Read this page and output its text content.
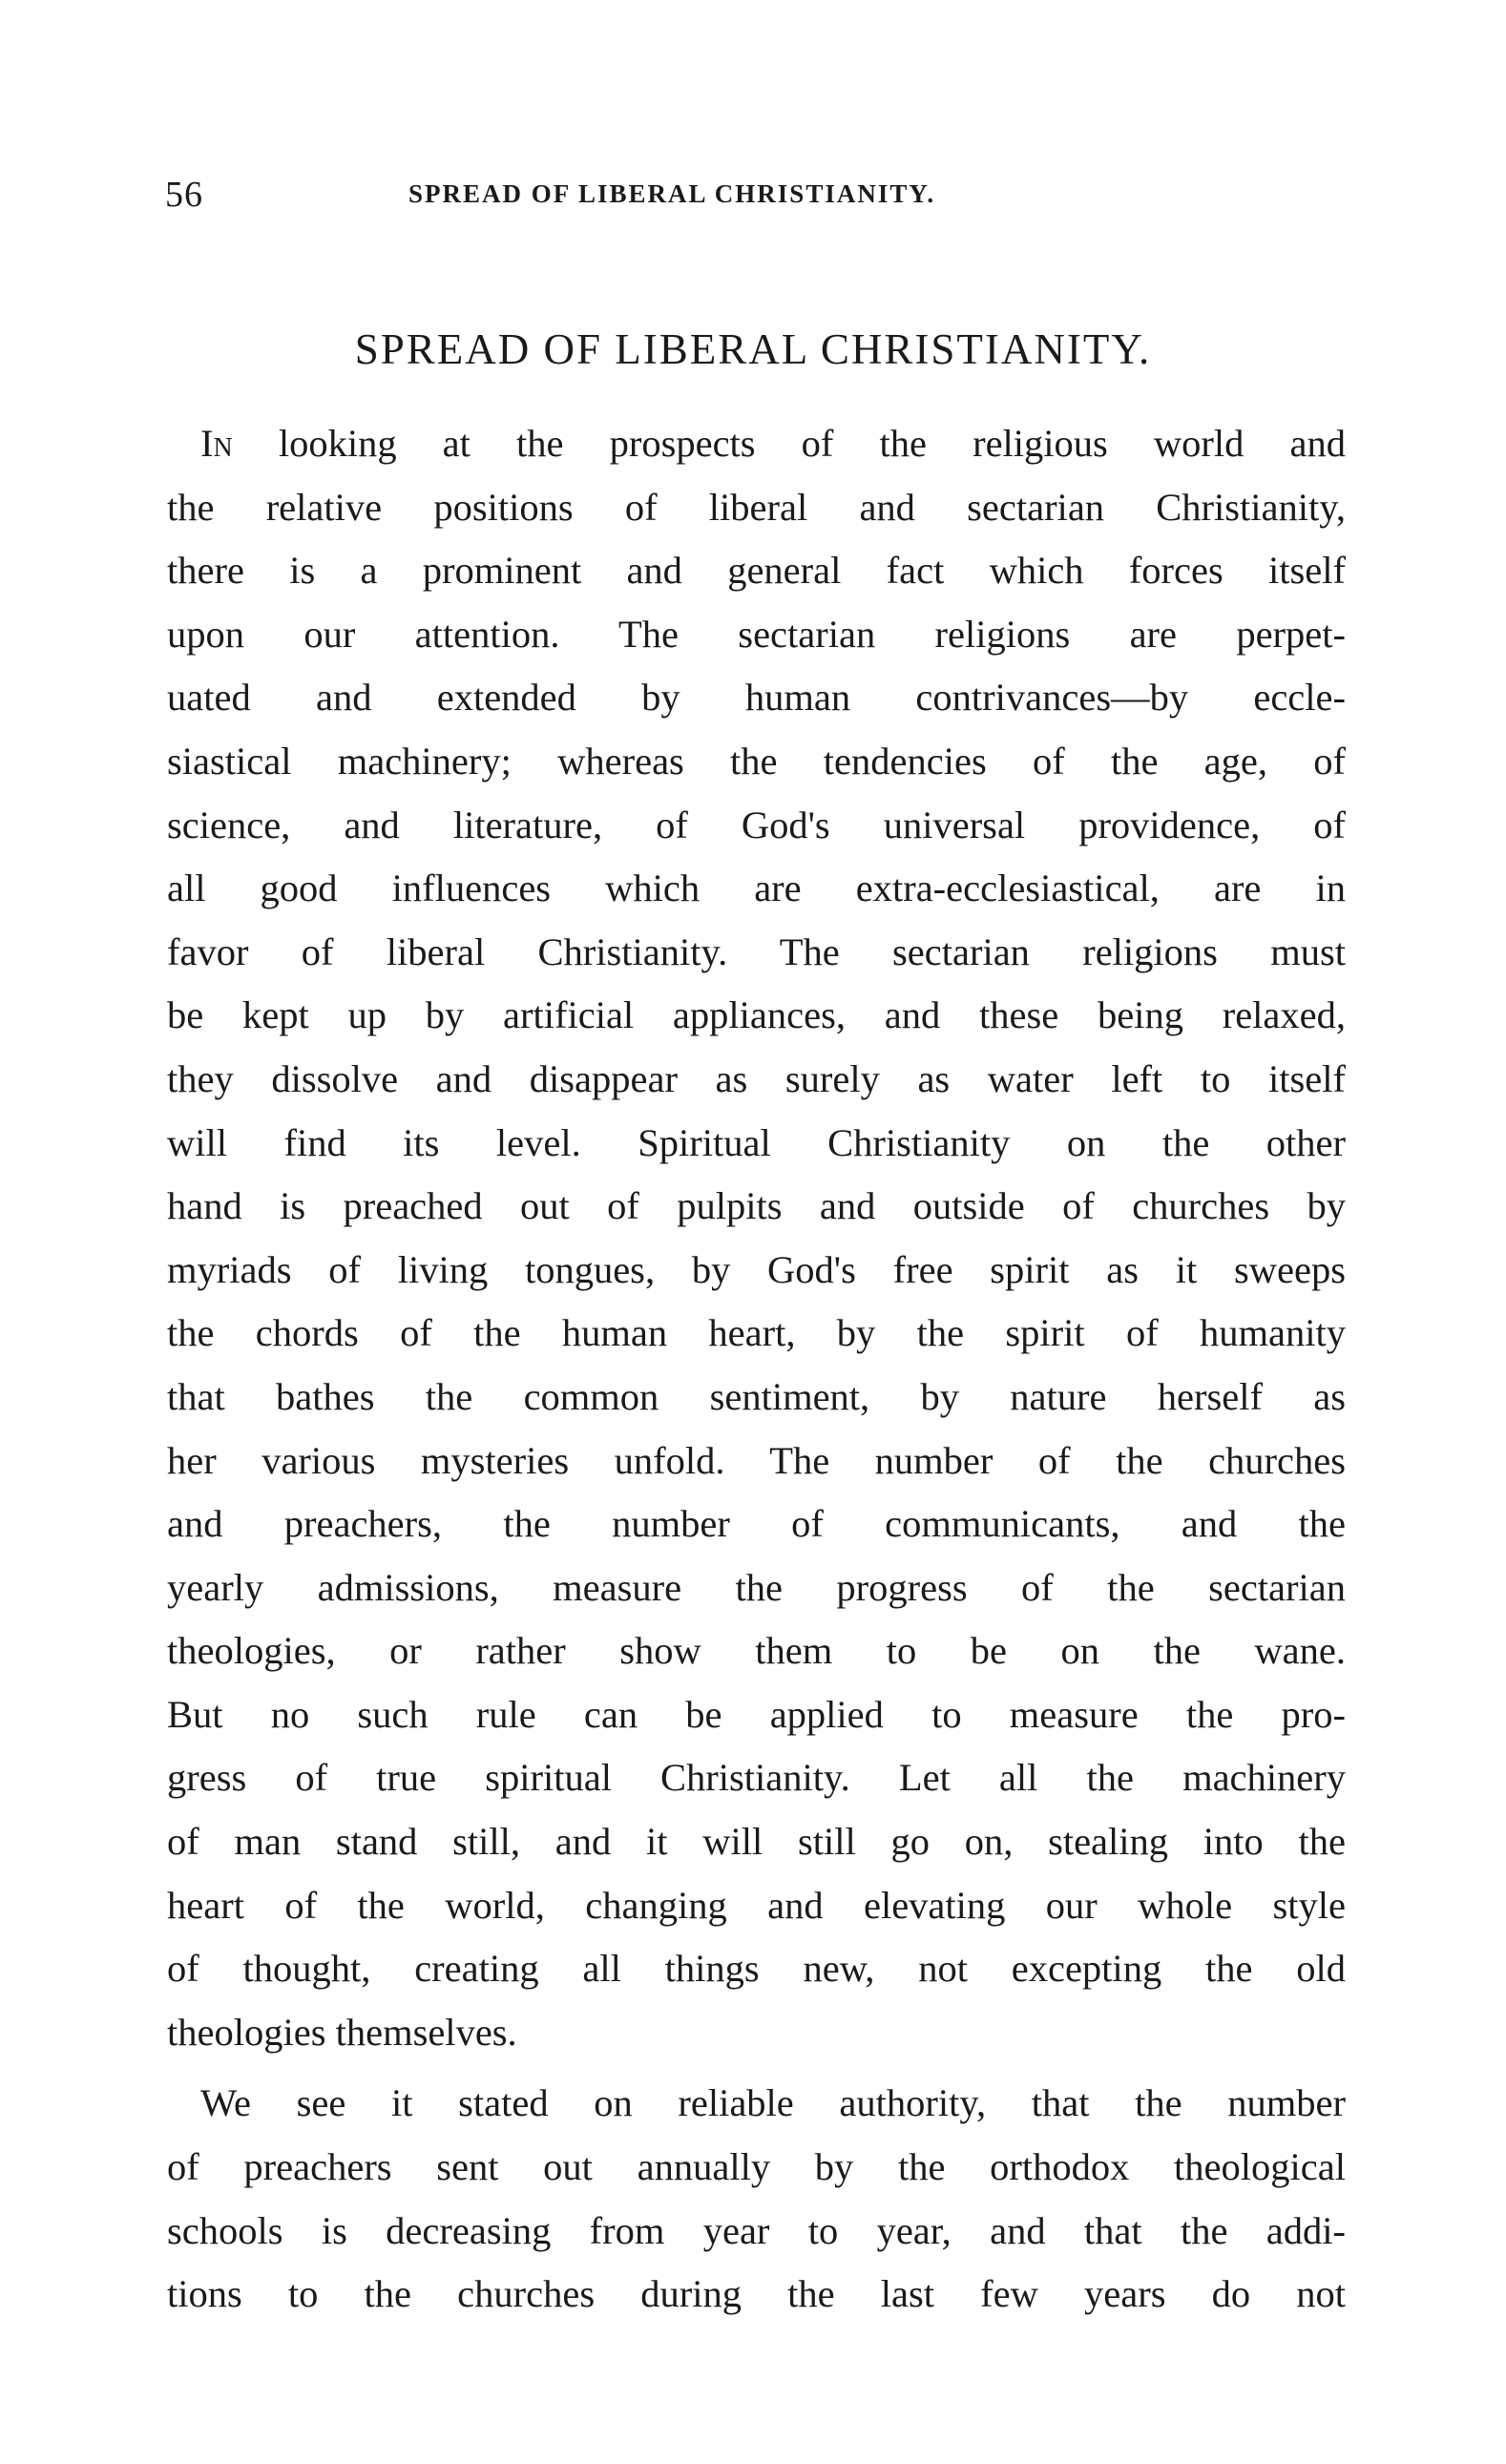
56	SPREAD OF LIBERAL CHRISTIANITY.
SPREAD OF LIBERAL CHRISTIANITY.

In looking at the prospects of the religious world and
the relative positions of liberal and sectarian Christianity,
there is a prominent and general fact which forces itself
upon our attention. The sectarian religions are perpet-
uated and extended by human contrivances—by eccle-
siastical machinery; whereas the tendencies of the age, of
science, and literature, of God's universal providence, of
all good influences which are extra-ecclesiastical, are in
favor of liberal Christianity. The sectarian religions must
be kept up by artificial appliances, and these being relaxed,
they dissolve and disappear as surely as water left to itself
will find its level. Spiritual Christianity on the other
hand is preached out of pulpits and outside of churches by
myriads of living tongues, by God's free spirit as it sweeps
the chords of the human heart, by the spirit of humanity
that bathes the common sentiment, by nature herself as
her various mysteries unfold. The number of the churches
and preachers, the number of communicants, and the
yearly admissions, measure the progress of the sectarian
theologies, or rather show them to be on the wane.
But no such rule can be applied to measure the pro-
gress of true spiritual Christianity. Let all the machinery
of man stand still, and it will still go on, stealing into the
heart of the world, changing and elevating our whole style
of thought, creating all things new, not excepting the old
theologies themselves.

We see it stated on reliable authority, that the number
of preachers sent out annually by the orthodox theological
schools is decreasing from year to year, and that the addi-
tions to the churches during the last few years do not
